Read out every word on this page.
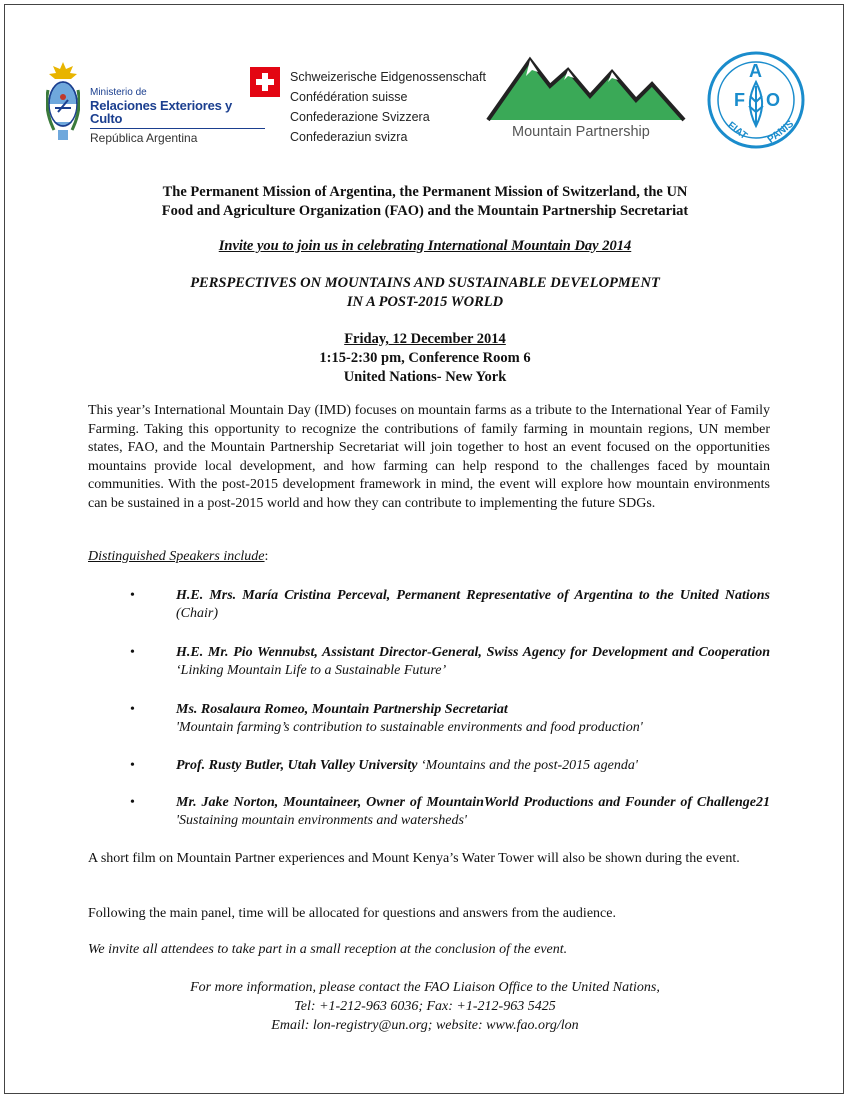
Ministerio de
Relaciones Exteriores y Culto
República Argentina
Schweizerische Eidgenossenschaft
Confédération suisse
Confederazione Svizzera
Confederaziun svizra	Mountain Partnership
F
A
O
FIAT PANIS
The Permanent Mission of Argentina, the Permanent Mission of Switzerland, the UN
Food and Agriculture Organization (FAO) and the Mountain Partnership Secretariat
Invite you to join us in celebrating International Mountain Day 2014
PERSPECTIVES ON MOUNTAINS AND SUSTAINABLE DEVELOPMENT
IN A POST-2015 WORLD
Friday, 12 December 2014
1:15-2:30 pm, Conference Room 6
United Nations- New York
This year’s International Mountain Day (IMD) focuses on mountain farms as a tribute to the International Year of Family Farming. Taking this opportunity to recognize the contributions of family farming in mountain regions, UN member states, FAO, and the Mountain Partnership Secretariat will join together to host an event focused on the opportunities mountains provide local development, and how farming can help respond to the challenges faced by mountain communities. With the post-2015 development framework in mind, the event will explore how mountain environments can be sustained in a post-2015 world and how they can contribute to implementing the future SDGs.
Distinguished Speakers include:
•	H.E. Mrs. María Cristina Perceval, Permanent Representative of Argentina to the United Nations (Chair)
•	H.E. Mr. Pio Wennubst, Assistant Director-General, Swiss Agency for Development and Cooperation ‘Linking Mountain Life to a Sustainable Future’
•	Ms. Rosalaura Romeo, Mountain Partnership Secretariat
'Mountain farming’s contribution to sustainable environments and food production'
•	Prof. Rusty Butler, Utah Valley University ‘Mountains and the post-2015 agenda'
•	Mr. Jake Norton, Mountaineer, Owner of MountainWorld Productions and Founder of Challenge21 'Sustaining mountain environments and watersheds'
A short film on Mountain Partner experiences and Mount Kenya’s Water Tower will also be shown during the event.
Following the main panel, time will be allocated for questions and answers from the audience.
We invite all attendees to take part in a small reception at the conclusion of the event.
For more information, please contact the FAO Liaison Office to the United Nations,
Tel: +1-212-963 6036; Fax: +1-212-963 5425
Email: lon-registry@un.org; website: www.fao.org/lon
